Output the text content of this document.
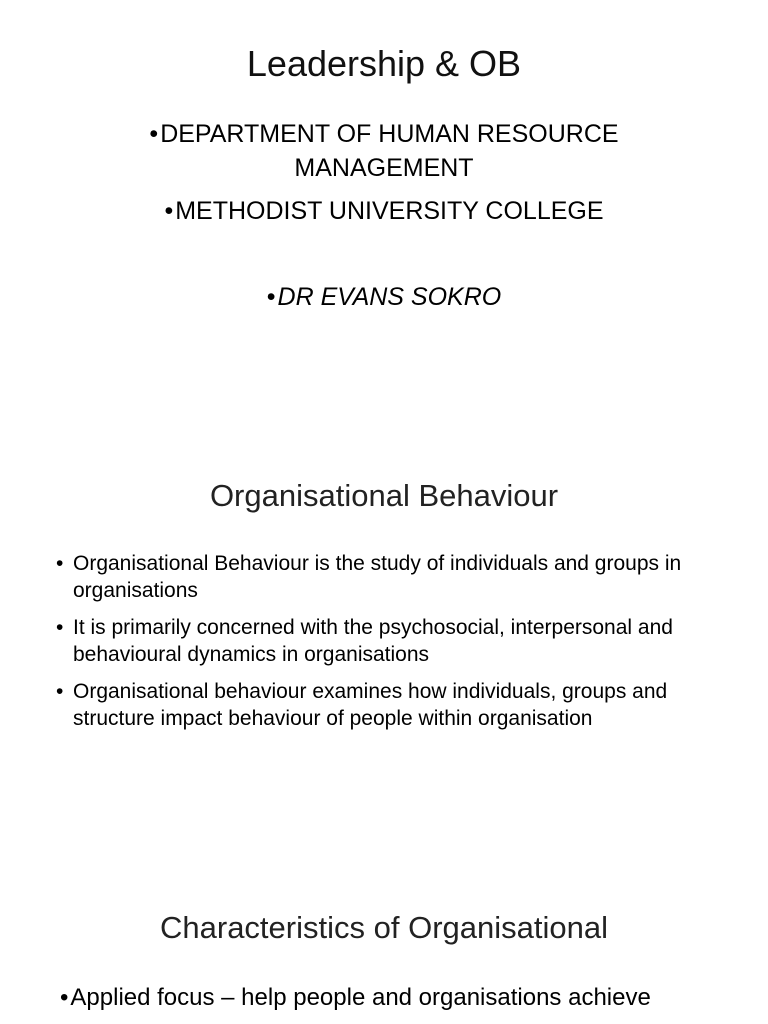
Leadership & OB
•DEPARTMENT OF HUMAN RESOURCE
MANAGEMENT
•METHODIST UNIVERSITY COLLEGE
•DR EVANS SOKRO
Organisational Behaviour
• Organisational Behaviour is the study of individuals and groups in organisations
• It is primarily concerned with the psychosocial, interpersonal and behavioural dynamics in organisations
• Organisational behaviour examines how individuals, groups and structure impact behaviour of people within organisation
Characteristics of Organisational
•Applied focus – help people and organisations achieve
